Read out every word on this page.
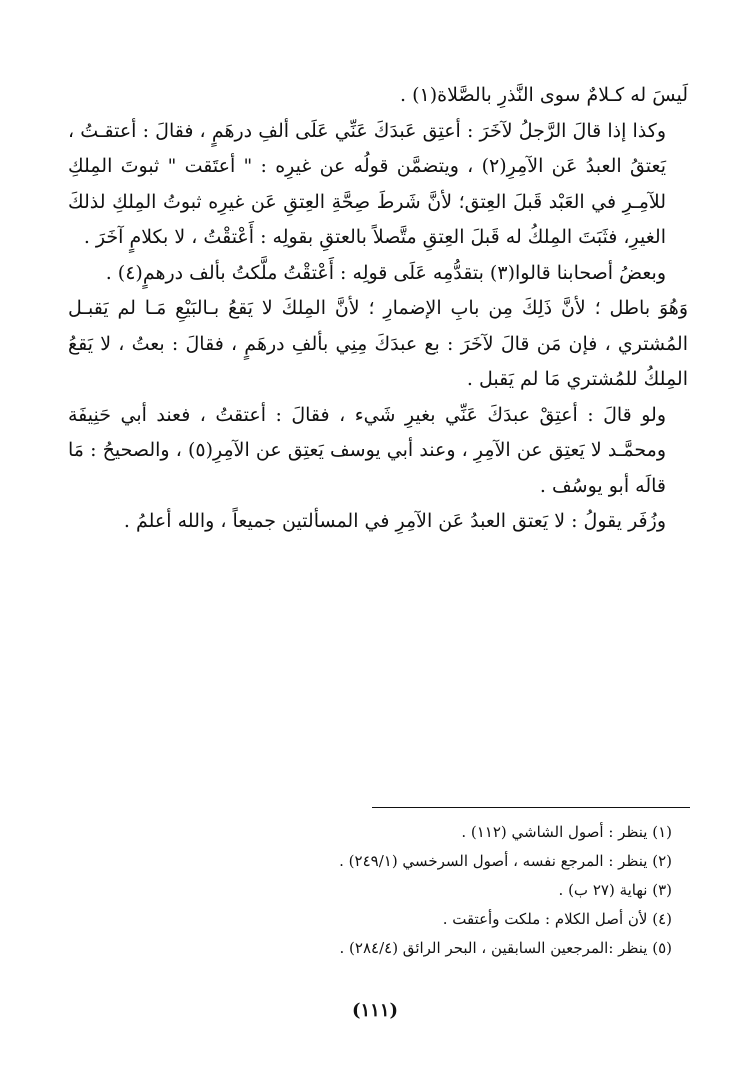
لَيسَ له كـلامٌ سوى النَّذرِ بالصَّلاة(١) .

وكذا إذا قالَ الرَّجلُ لآخَرَ : أعتِق عَبدَكَ عَنِّي عَلَى ألفِ درهَمٍ ، فقالَ : أعتقـتُ ، يَعتقُ العبدُ عَن الآمِرِ(٢) ، ويتضمَّن قولُه عن غيرِه : " أعتَقت " ثبوتَ المِلكِ للآمِـرِ في العَبْد قَبلَ العِتق؛ لأنَّ شَرطَ صِحَّةِ العِتقِ عَن غيرِه ثبوتُ المِلكِ لذلكَ الغيرِ، فثَبَتَ المِلكُ له قَبلَ العِتقِ متَّصلاً بالعتقِ بقولِه : أَعْتقْتُ ، لا بكلامٍ آخَرَ .

وبعضُ أصحابنا قالوا(٣) بتقدُّمِه عَلَى قولِه : أَعْتقْتُ ملَّكتُ بألف درهمٍ(٤) .

وَهُوَ باطل ؛ لأنَّ ذَلِكَ مِن بابِ الإضمارِ ؛ لأنَّ المِلكَ لا يَقعُ بـالبَيْعِ مَـا لم يَقبـل المُشتري ، فإن مَن قالَ لآخَرَ : بع عبدَكَ مِنِي بألفِ درهَمٍ ، فقالَ : بعتُ ، لا يَقعُ المِلكُ للمُشتري مَا لم يَقبل .

ولو قالَ : أعتِقْ عبدَكَ عَنِّي بغيرِ شَيء ، فقالَ : أعتقتُ ، فعند أبي حَنِيفَة ومحمَّـد لا يَعتِق عن الآمِرِ ، وعند أبي يوسف يَعتِق عن الآمِرِ(٥) ، والصحيحُ : مَا قالَه أبو يوسُف .

وزُفَر يقولُ : لا يَعتق العبدُ عَن الآمِرِ في المسألتين جميعاً ، والله أعلمُ .

(١) ينظر : أصول الشاشي (١١٢) .

(٢) ينظر : المرجع نفسه ، أصول السرخسي (٢٤٩/١) .

(٣) نهاية (٢٧ ب) .

(٤) لأن أصل الكلام : ملكت وأعتقت .

(٥) ينظر :المرجعين السابقين ، البحر الرائق (٢٨٤/٤) .

(١١١)
